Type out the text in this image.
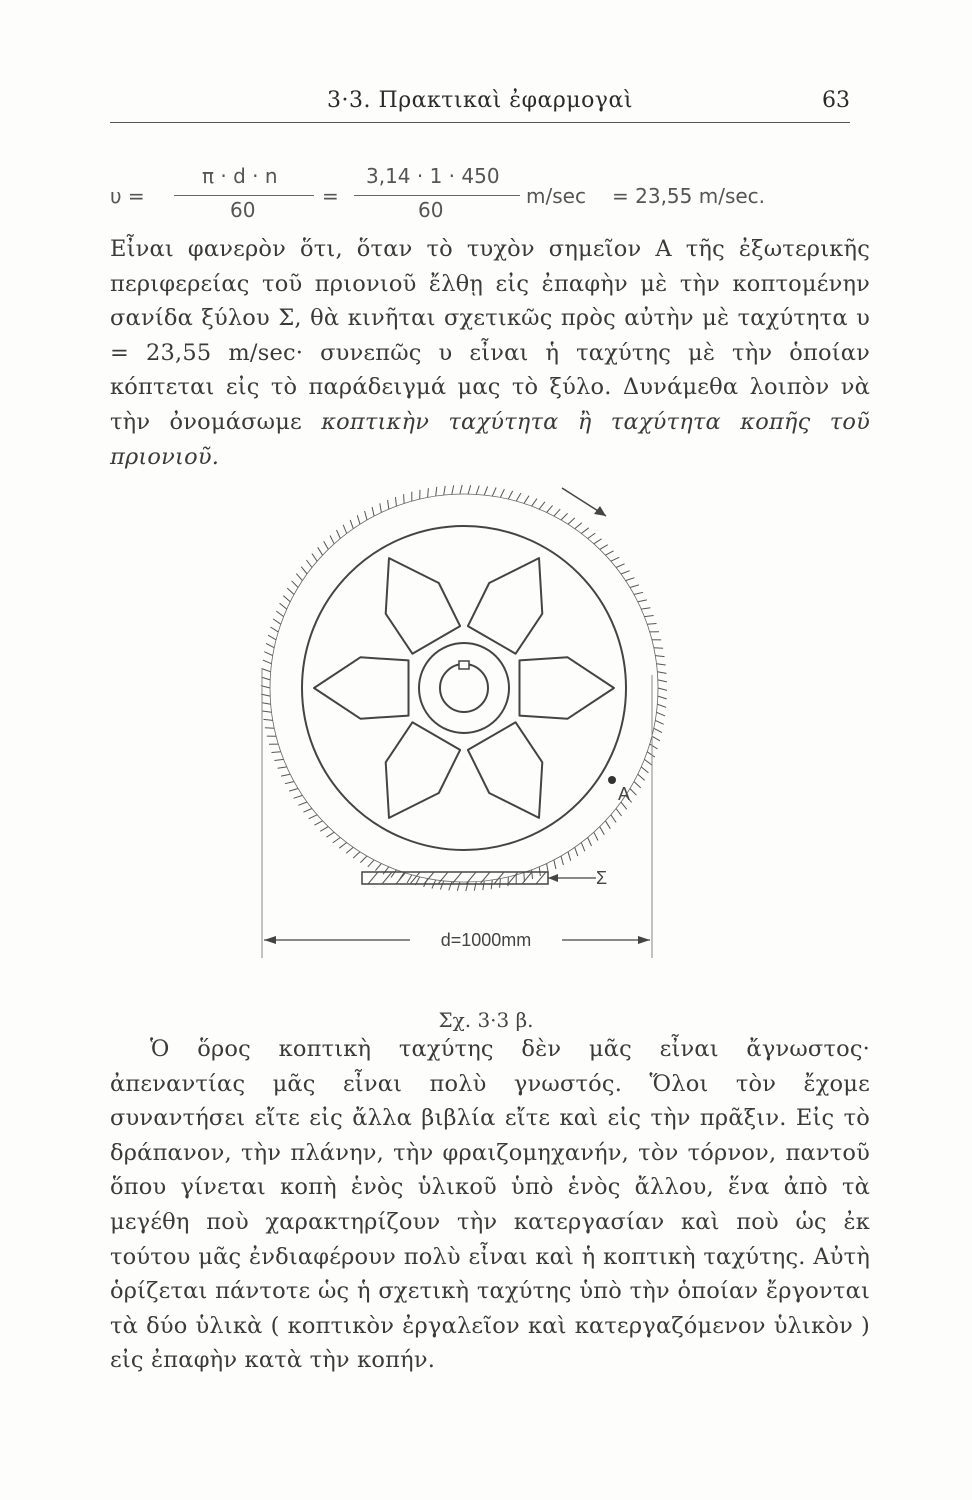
3·3. Πρακτικαὶ ἐφαρμογαὶ	63
υ =
π · d · n
60
=
3,14 · 1 · 450
60
m/sec = 23,55 m/sec.

Εἶναι φανερὸν ὅτι, ὅταν τὸ τυχὸν σημεῖον Α τῆς ἐξωτερικῆς περιφερείας τοῦ πριονιοῦ ἔλθῃ εἰς ἐπαφὴν μὲ τὴν κοπτομένην σανίδα ξύλου Σ, θὰ κινῆται σχετικῶς πρὸς αὐτὴν μὲ ταχύτητα υ = 23,55 m/sec· συνεπῶς υ εἶναι ἡ ταχύτης μὲ τὴν ὁποίαν κόπτεται εἰς τὸ παράδειγμά μας τὸ ξύλο. Δυνάμεθα λοιπὸν νὰ τὴν ὀνομάσωμε κοπτικὴν ταχύτητα ἢ ταχύτητα κοπῆς τοῦ πριονιοῦ.

A
Σ
d=1000mm
Σχ. 3·3 β.

Ὁ ὅρος κοπτικὴ ταχύτης δὲν μᾶς εἶναι ἄγνωστος· ἀπεναντίας μᾶς εἶναι πολὺ γνωστός. Ὅλοι τὸν ἔχομε συναντήσει εἴτε εἰς ἄλλα βιβλία εἴτε καὶ εἰς τὴν πρᾶξιν. Εἰς τὸ δράπανον, τὴν πλάνην, τὴν φραιζομηχανήν, τὸν τόρνον, παντοῦ ὅπου γίνεται κοπὴ ἑνὸς ὑλικοῦ ὑπὸ ἑνὸς ἄλλου, ἕνα ἀπὸ τὰ μεγέθη ποὺ χαρακτηρίζουν τὴν κατεργασίαν καὶ ποὺ ὡς ἐκ τούτου μᾶς ἐνδιαφέρουν πολὺ εἶναι καὶ ἡ κοπτικὴ ταχύτης. Αὐτὴ ὁρίζεται πάντοτε ὡς ἡ σχετικὴ ταχύτης ὑπὸ τὴν ὁποίαν ἔργονται τὰ δύο ὑλικὰ ( κοπτικὸν ἐργαλεῖον καὶ κατεργαζόμενον ὑλικὸν ) εἰς ἐπαφὴν κατὰ τὴν κοπήν.
